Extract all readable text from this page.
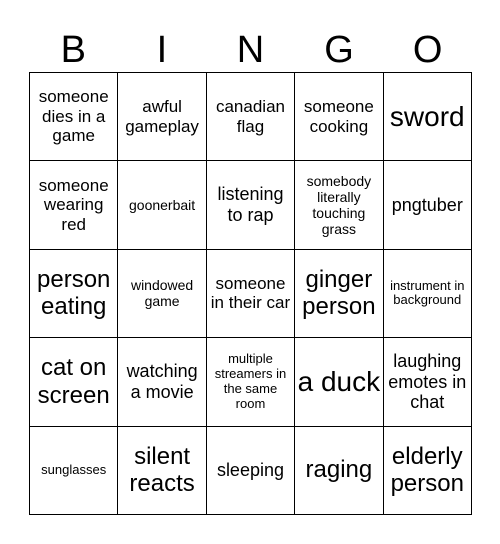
B	I	N	G	O
someone dies in a game	awful gameplay	canadian flag	someone cooking	sword
someone wearing red	goonerbait	listening to rap	somebody literally touching grass	pngtuber
person eating	windowed game	someone in their car	ginger person	instrument in background
cat on screen	watching a movie	multiple streamers in the same room	a duck	laughing emotes in chat
sunglasses	silent reacts	sleeping	raging	elderly person
